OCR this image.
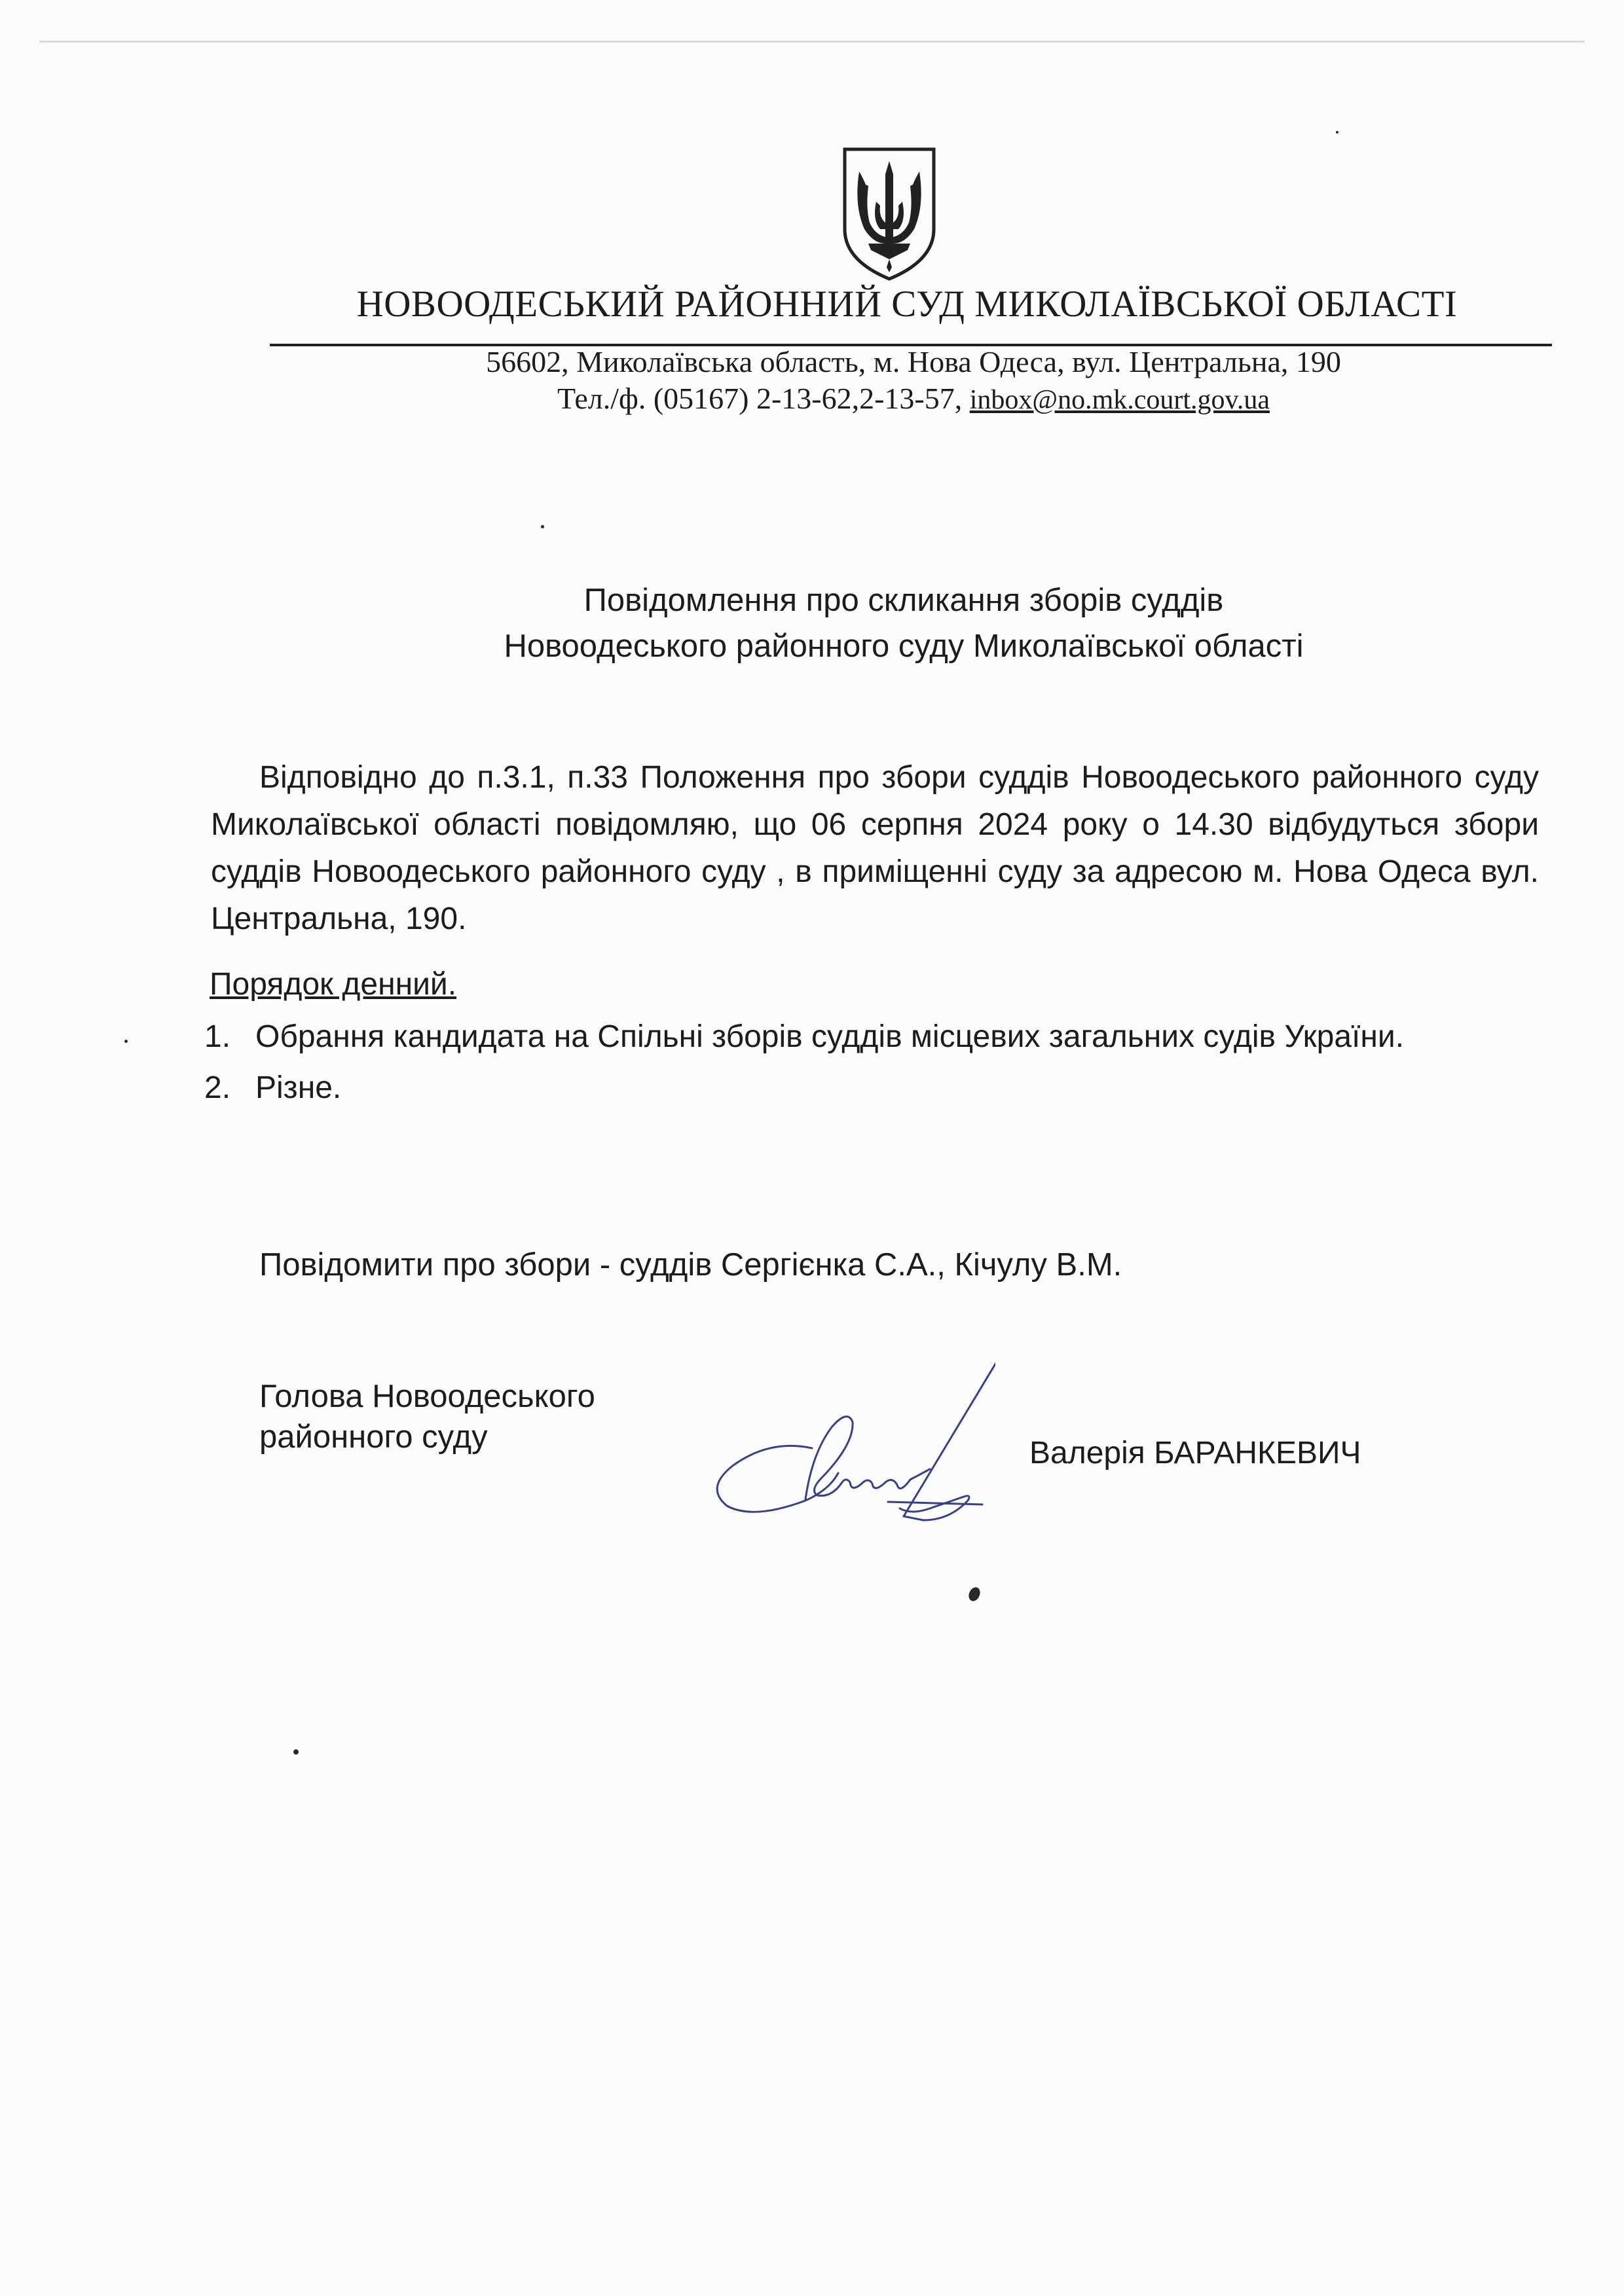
НОВООДЕСЬКИЙ РАЙОННИЙ СУД МИКОЛАЇВСЬКОЇ ОБЛАСТІ
56602, Миколаївська область, м. Нова Одеса, вул. Центральна, 190
Тел./ф. (05167) 2-13-62,2-13-57, inbox@no.mk.court.gov.ua
Повідомлення про скликання зборів суддів
Новоодеського районного суду Миколаївської області
Відповідно до п.3.1, п.33 Положення про збори суддів Новоодеського районного суду Миколаївської області повідомляю, що 06 серпня 2024 року о 14.30 відбудуться збори суддів Новоодеського районного суду , в приміщенні суду за адресою м. Нова Одеса вул. Центральна, 190.
Порядок денний.
1. Обрання кандидата на Спільні зборів суддів місцевих загальних судів України.
2. Різне.
Повідомити про збори - суддів Сергієнка С.А., Кічулу В.М.
Голова Новоодеського
районного суду	Валерія БАРАНКЕВИЧ
